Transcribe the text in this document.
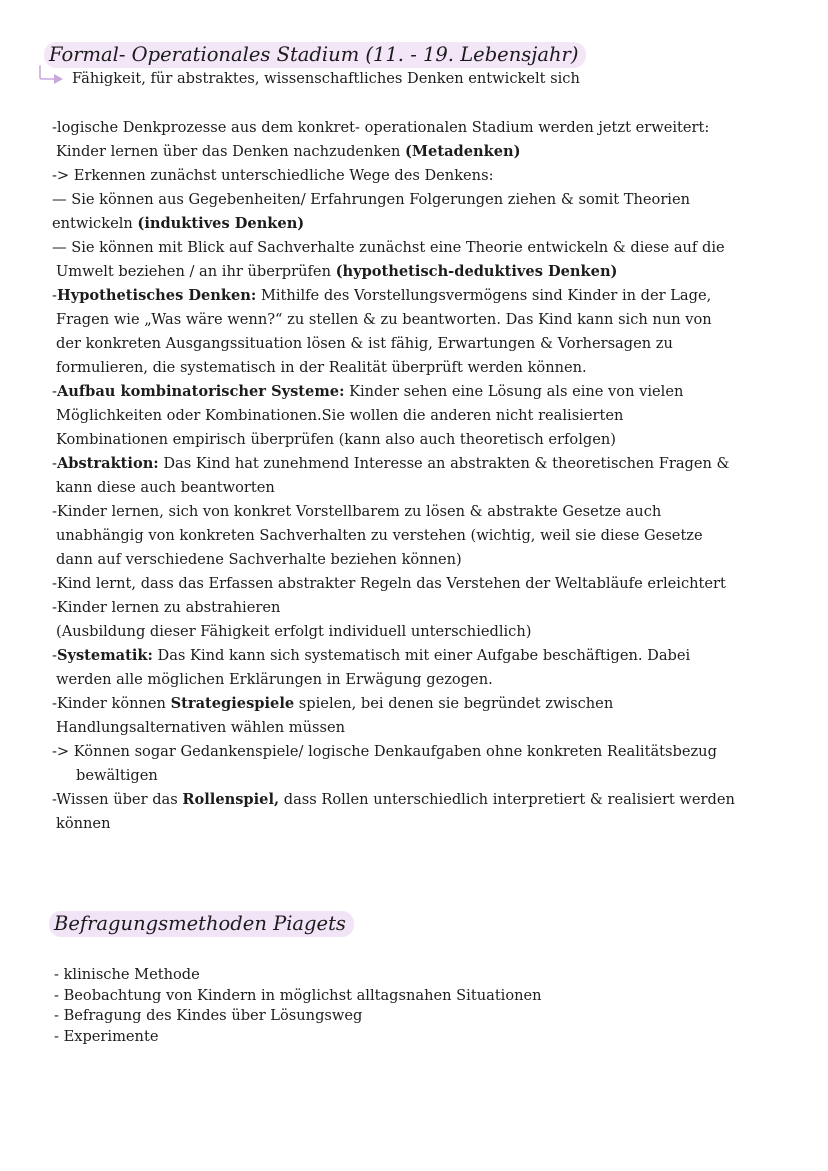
Formal- Operationales Stadium (11. - 19. Lebensjahr)
Fähigkeit, für abstraktes, wissenschaftliches Denken entwickelt sich
-logische Denkprozesse aus dem konkret- operationalen Stadium werden jetzt erweitert:
Kinder lernen über das Denken nachzudenken (Metadenken)
-> Erkennen zunächst unterschiedliche Wege des Denkens:
— Sie können aus Gegebenheiten/ Erfahrungen Folgerungen ziehen & somit Theorien
entwickeln (induktives Denken)
— Sie können mit Blick auf Sachverhalte zunächst eine Theorie entwickeln & diese auf die
Umwelt beziehen / an ihr überprüfen (hypothetisch-deduktives Denken)
-Hypothetisches Denken: Mithilfe des Vorstellungsvermögens sind Kinder in der Lage,
Fragen wie „Was wäre wenn?“ zu stellen & zu beantworten. Das Kind kann sich nun von
der konkreten Ausgangssituation lösen & ist fähig, Erwartungen & Vorhersagen zu
formulieren, die systematisch in der Realität überprüft werden können.
-Aufbau kombinatorischer Systeme: Kinder sehen eine Lösung als eine von vielen
Möglichkeiten oder Kombinationen.Sie wollen die anderen nicht realisierten
Kombinationen empirisch überprüfen (kann also auch theoretisch erfolgen)
-Abstraktion: Das Kind hat zunehmend Interesse an abstrakten & theoretischen Fragen &
kann diese auch beantworten
-Kinder lernen, sich von konkret Vorstellbarem zu lösen & abstrakte Gesetze auch
unabhängig von konkreten Sachverhalten zu verstehen (wichtig, weil sie diese Gesetze
dann auf verschiedene Sachverhalte beziehen können)
-Kind lernt, dass das Erfassen abstrakter Regeln das Verstehen der Weltabläufe erleichtert
-Kinder lernen zu abstrahieren
(Ausbildung dieser Fähigkeit erfolgt individuell unterschiedlich)
-Systematik: Das Kind kann sich systematisch mit einer Aufgabe beschäftigen. Dabei
werden alle möglichen Erklärungen in Erwägung gezogen.
-Kinder können Strategiespiele spielen, bei denen sie begründet zwischen
Handlungsalternativen wählen müssen
-> Können sogar Gedankenspiele/ logische Denkaufgaben ohne konkreten Realitätsbezug
bewältigen
-Wissen über das Rollenspiel, dass Rollen unterschiedlich interpretiert & realisiert werden
können
Befragungsmethoden Piagets
- klinische Methode
- Beobachtung von Kindern in möglichst alltagsnahen Situationen
- Befragung des Kindes über Lösungsweg
- Experimente
